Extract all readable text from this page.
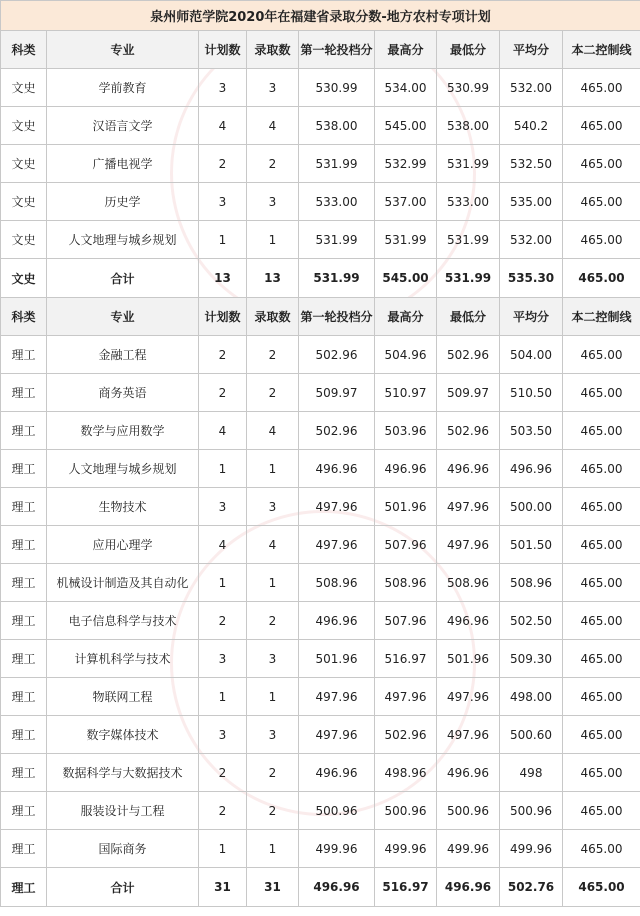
泉州师范学院2020年在福建省录取分数-地方农村专项计划								
科类	专业	计划数	录取数	第一轮投档分	最高分	最低分	平均分	本二控制线
文史	学前教育	3	3	530.99	534.00	530.99	532.00	465.00
文史	汉语言文学	4	4	538.00	545.00	538.00	540.2	465.00
文史	广播电视学	2	2	531.99	532.99	531.99	532.50	465.00
文史	历史学	3	3	533.00	537.00	533.00	535.00	465.00
文史	人文地理与城乡规划	1	1	531.99	531.99	531.99	532.00	465.00
文史	合计	13	13	531.99	545.00	531.99	535.30	465.00
科类	专业	计划数	录取数	第一轮投档分	最高分	最低分	平均分	本二控制线
理工	金融工程	2	2	502.96	504.96	502.96	504.00	465.00
理工	商务英语	2	2	509.97	510.97	509.97	510.50	465.00
理工	数学与应用数学	4	4	502.96	503.96	502.96	503.50	465.00
理工	人文地理与城乡规划	1	1	496.96	496.96	496.96	496.96	465.00
理工	生物技术	3	3	497.96	501.96	497.96	500.00	465.00
理工	应用心理学	4	4	497.96	507.96	497.96	501.50	465.00
理工	机械设计制造及其自动化	1	1	508.96	508.96	508.96	508.96	465.00
理工	电子信息科学与技术	2	2	496.96	507.96	496.96	502.50	465.00
理工	计算机科学与技术	3	3	501.96	516.97	501.96	509.30	465.00
理工	物联网工程	1	1	497.96	497.96	497.96	498.00	465.00
理工	数字媒体技术	3	3	497.96	502.96	497.96	500.60	465.00
理工	数据科学与大数据技术	2	2	496.96	498.96	496.96	498	465.00
理工	服装设计与工程	2	2	500.96	500.96	500.96	500.96	465.00
理工	国际商务	1	1	499.96	499.96	499.96	499.96	465.00
理工	合计	31	31	496.96	516.97	496.96	502.76	465.00
